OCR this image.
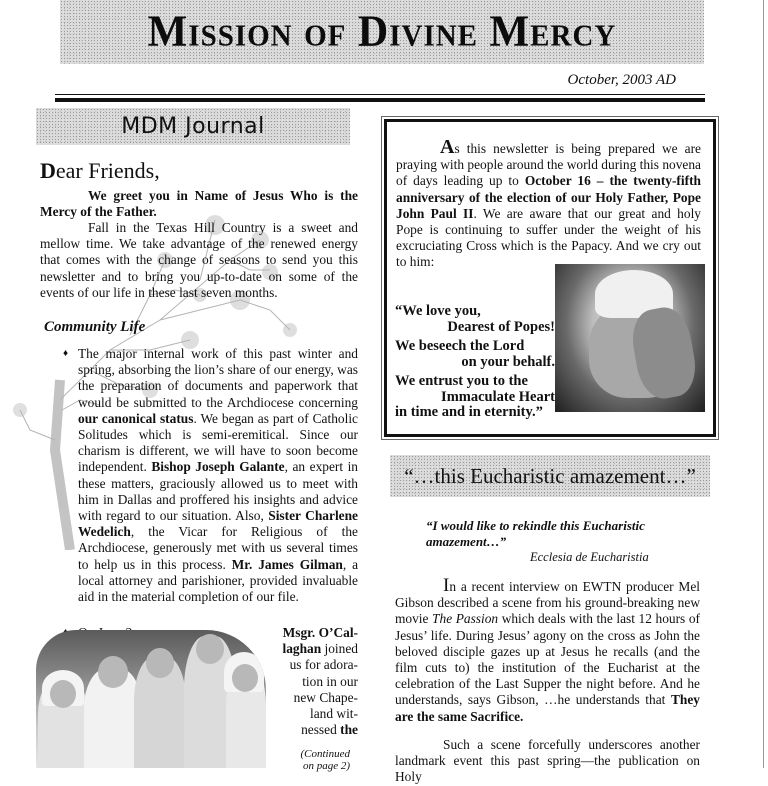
Mission of Divine Mercy
October, 2003 AD
MDM Journal
Dear Friends,
We greet you in Name of Jesus Who is the Mercy of the Father.
Fall in the Texas Hill Country is a sweet and mellow time. We take advantage of the renewed energy that comes with the change of seasons to send you this newsletter and to bring you up-to-date on some of the events of our life in these last seven months.
Community Life
♦ The major internal work of this past winter and spring, absorbing the lion’s share of our energy, was the preparation of documents and paperwork that would be submitted to the Archdiocese concerning our canonical status. We began as part of Catholic Solitudes which is semi-eremitical. Since our charism is different, we will have to soon become independent. Bishop Joseph Galante, an expert in these matters, graciously allowed us to meet with him in Dallas and proffered his insights and advice with regard to our situation. Also, Sister Charlene Wedelich, the Vicar for Religious of the Archdiocese, generously met with us several times to help us in this process. Mr. James Gilman, a local attorney and parishioner, provided invaluable aid in the material completion of our file.
Msgr. O’Cal-
laghan joined
us for adora-
tion in our
new Chape-
land wit-
nessed the
(Continued on page 2)
As this newsletter is being prepared we are praying with people around the world during this novena of days leading up to October 16 – the twenty-fifth anniversary of the election of our Holy Father, Pope John Paul II. We are aware that our great and holy Pope is continuing to suffer under the weight of his excruciating Cross which is the Papacy. And we cry out to him:
“We love you,
Dearest of Popes!
We beseech the Lord
on your behalf.
We entrust you to the
Immaculate Heart
in time and in eternity.”
“…this Eucharistic amazement…”
“I would like to rekindle this Eucharistic amazement…”
Ecclesia de Eucharistia
In a recent interview on EWTN producer Mel Gibson described a scene from his ground-breaking new movie The Passion which deals with the last 12 hours of Jesus’ life. During Jesus’ agony on the cross as John the beloved disciple gazes up at Jesus he recalls (and the film cuts to) the institution of the Eucharist at the celebration of the Last Supper the night before. And he understands, says Gibson, …he understands that They are the same Sacrifice.
Such a scene forcefully underscores another landmark event this past spring—the publication on Holy
